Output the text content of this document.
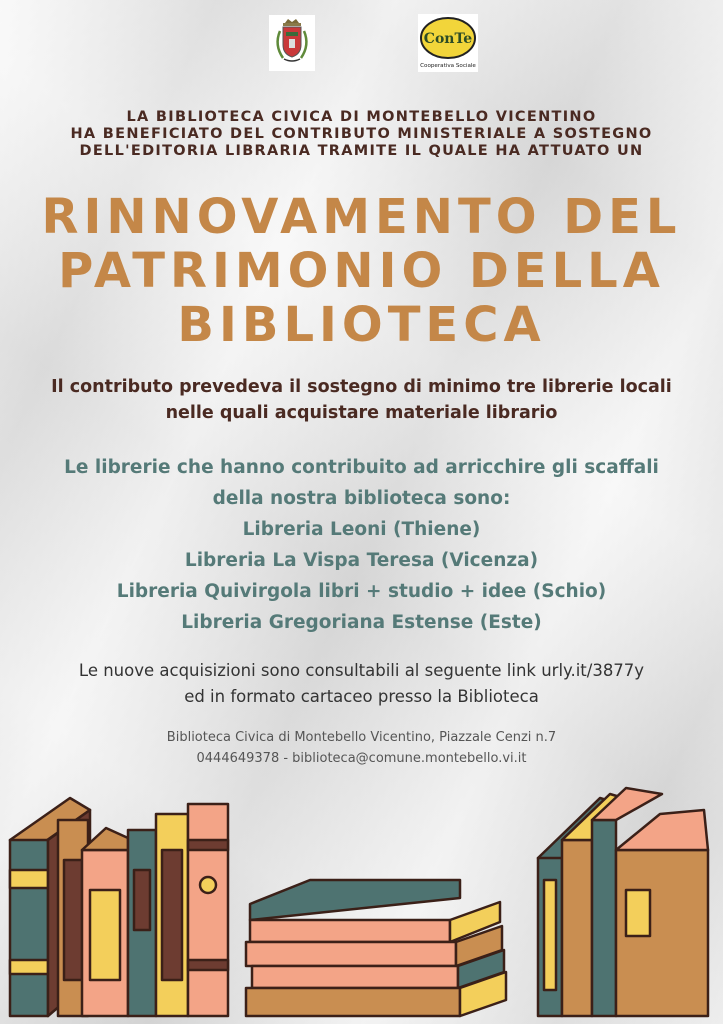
ConTe
Cooperativa Sociale
LA BIBLIOTECA CIVICA DI MONTEBELLO VICENTINO
HA BENEFICIATO DEL CONTRIBUTO MINISTERIALE A SOSTEGNO
DELL'EDITORIA LIBRARIA TRAMITE IL QUALE HA ATTUATO UN
RINNOVAMENTO DEL
PATRIMONIO DELLA
BIBLIOTECA
Il contributo prevedeva il sostegno di minimo tre librerie locali
nelle quali acquistare materiale librario
Le librerie che hanno contribuito ad arricchire gli scaffali
della nostra biblioteca sono:
Libreria Leoni (Thiene)
Libreria La Vispa Teresa (Vicenza)
Libreria Quivirgola libri + studio + idee (Schio)
Libreria Gregoriana Estense (Este)
Le nuove acquisizioni sono consultabili al seguente link urly.it/3877y
ed in formato cartaceo presso la Biblioteca
Biblioteca Civica di Montebello Vicentino, Piazzale Cenzi n.7
0444649378 - biblioteca@comune.montebello.vi.it
